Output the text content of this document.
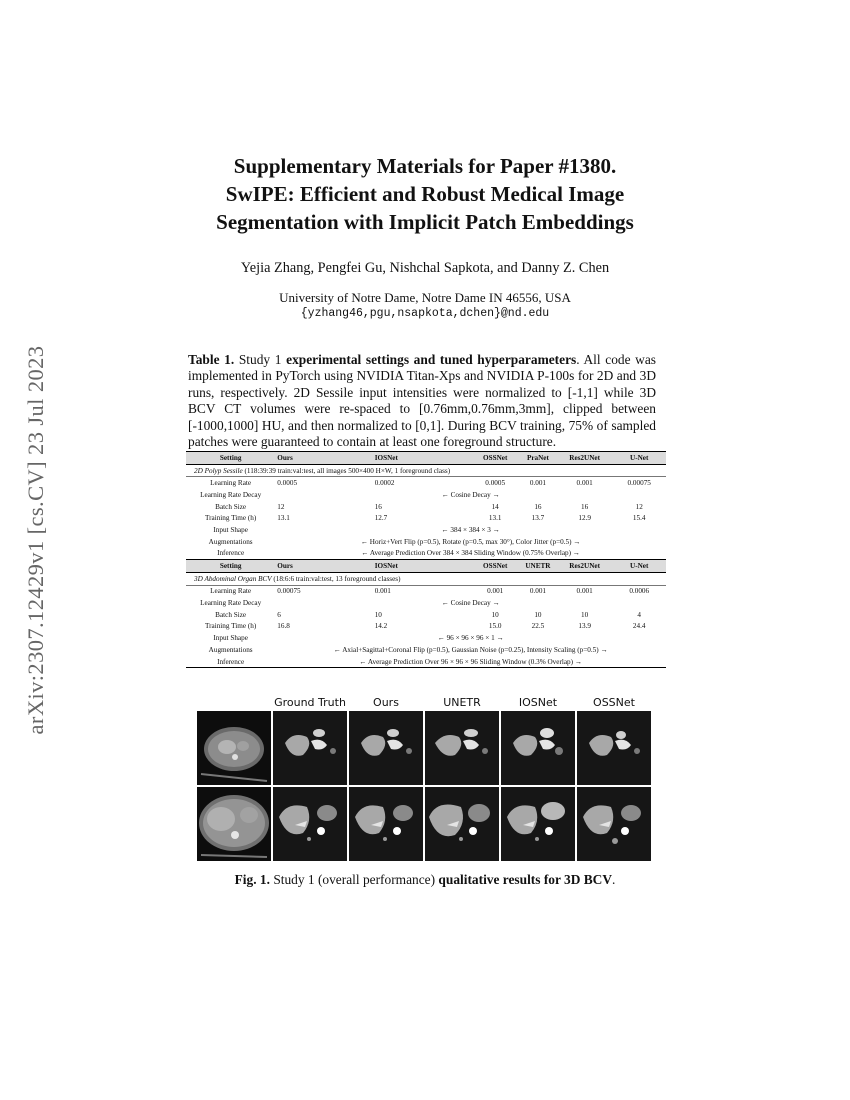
arXiv:2307.12429v1 [cs.CV] 23 Jul 2023
Supplementary Materials for Paper #1380.
SwIPE: Efficient and Robust Medical Image
Segmentation with Implicit Patch Embeddings
Yejia Zhang, Pengfei Gu, Nishchal Sapkota, and Danny Z. Chen
University of Notre Dame, Notre Dame IN 46556, USA
{yzhang46,pgu,nsapkota,dchen}@nd.edu
Table 1. Study 1 experimental settings and tuned hyperparameters. All code was implemented in PyTorch using NVIDIA Titan-Xps and NVIDIA P-100s for 2D and 3D runs, respectively. 2D Sessile input intensities were normalized to [-1,1] while 3D BCV CT volumes were re-spaced to [0.76mm,0.76mm,3mm], clipped between [-1000,1000] HU, and then normalized to [0,1]. During BCV training, 75% of sampled patches were guaranteed to contain at least one foreground structure.
Setting	Ours	IOSNet	OSSNet	PraNet	Res2UNet	U-Net
2D Polyp Sessile (118:39:39 train:val:test, all images 500×400 H×W, 1 foreground class)						
Learning Rate	0.0005	0.0002	0.0005	0.001	0.001	0.00075
Learning Rate Decay	← Cosine Decay →					
Batch Size	12	16	14	16	16	12
Training Time (h)	13.1	12.7	13.1	13.7	12.9	15.4
Input Shape	← 384 × 384 × 3 →					
Augmentations	← Horiz+Vert Flip (p=0.5), Rotate (p=0.5, max 30°), Color Jitter (p=0.5) →					
Inference	← Average Prediction Over 384 × 384 Sliding Window (0.75% Overlap) →					
Setting	Ours	IOSNet	OSSNet	UNETR	Res2UNet	U-Net
3D Abdominal Organ BCV (18:6:6 train:val:test, 13 foreground classes)						
Learning Rate	0.00075	0.001	0.001	0.001	0.001	0.0006
Learning Rate Decay	← Cosine Decay →					
Batch Size	6	10	10	10	10	4
Training Time (h)	16.8	14.2	15.0	22.5	13.9	24.4
Input Shape	← 96 × 96 × 96 × 1 →					
Augmentations	← Axial+Sagittal+Coronal Flip (p=0.5), Gaussian Noise (p=0.25), Intensity Scaling (p=0.5) →					
Inference	← Average Prediction Over 96 × 96 × 96 Sliding Window (0.3% Overlap) →					
Ground Truth	Ours	UNETR	IOSNet	OSSNet
Fig. 1. Study 1 (overall performance) qualitative results for 3D BCV.
